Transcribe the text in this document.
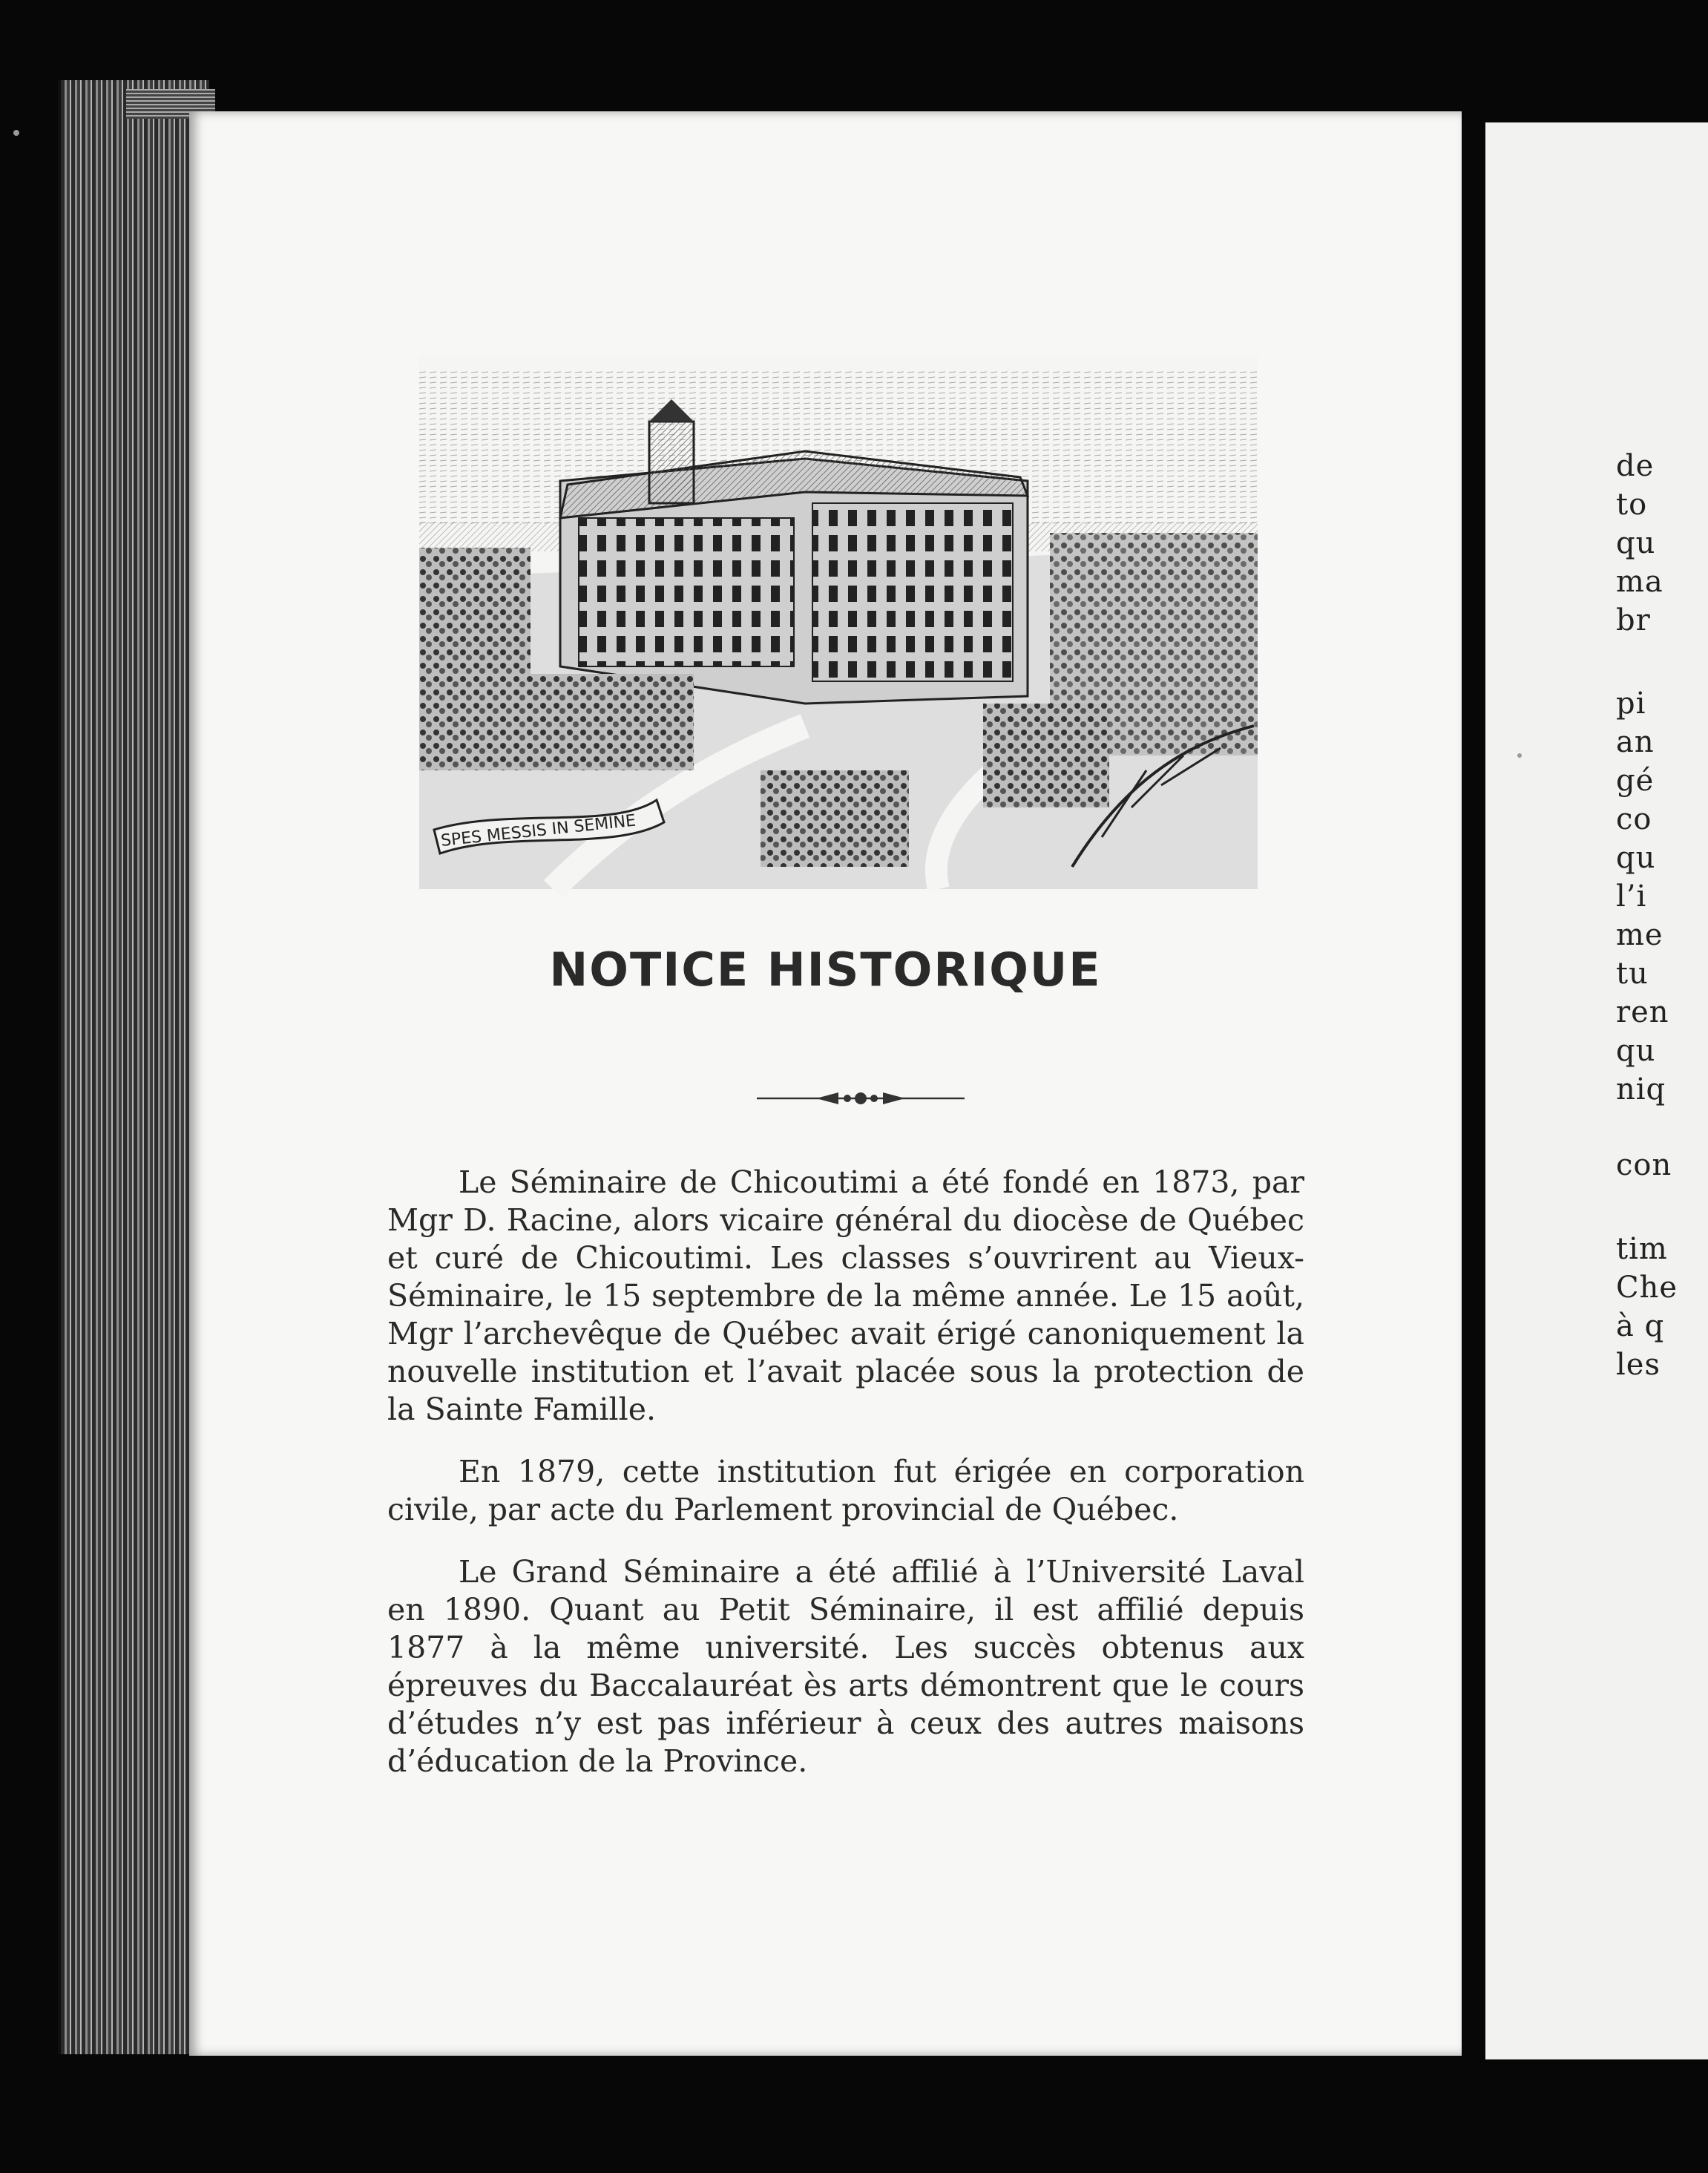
de
to
qu
ma
br
pi
an
gé
co
qu
l’i
me
tu
ren
qu
niq
con
tim
Che
à q
les
SPES MESSIS IN SEMINE
NOTICE HISTORIQUE

Le Séminaire de Chicoutimi a été fondé en 1873, par Mgr D. Racine, alors vicaire général du diocèse de Québec et curé de Chicoutimi. Les classes s’ouvrirent au Vieux-Séminaire, le 15 septembre de la même année. Le 15 août, Mgr l’archevêque de Québec avait érigé canoniquement la nouvelle institution et l’avait placée sous la protection de la Sainte Famille.

En 1879, cette institution fut érigée en corporation civile, par acte du Parlement provincial de Québec.

Le Grand Séminaire a été affilié à l’Université Laval en 1890. Quant au Petit Séminaire, il est affilié depuis 1877 à la même université. Les succès obtenus aux épreuves du Baccalauréat ès arts démontrent que le cours d’études n’y est pas inférieur à ceux des autres maisons d’éducation de la Province.
